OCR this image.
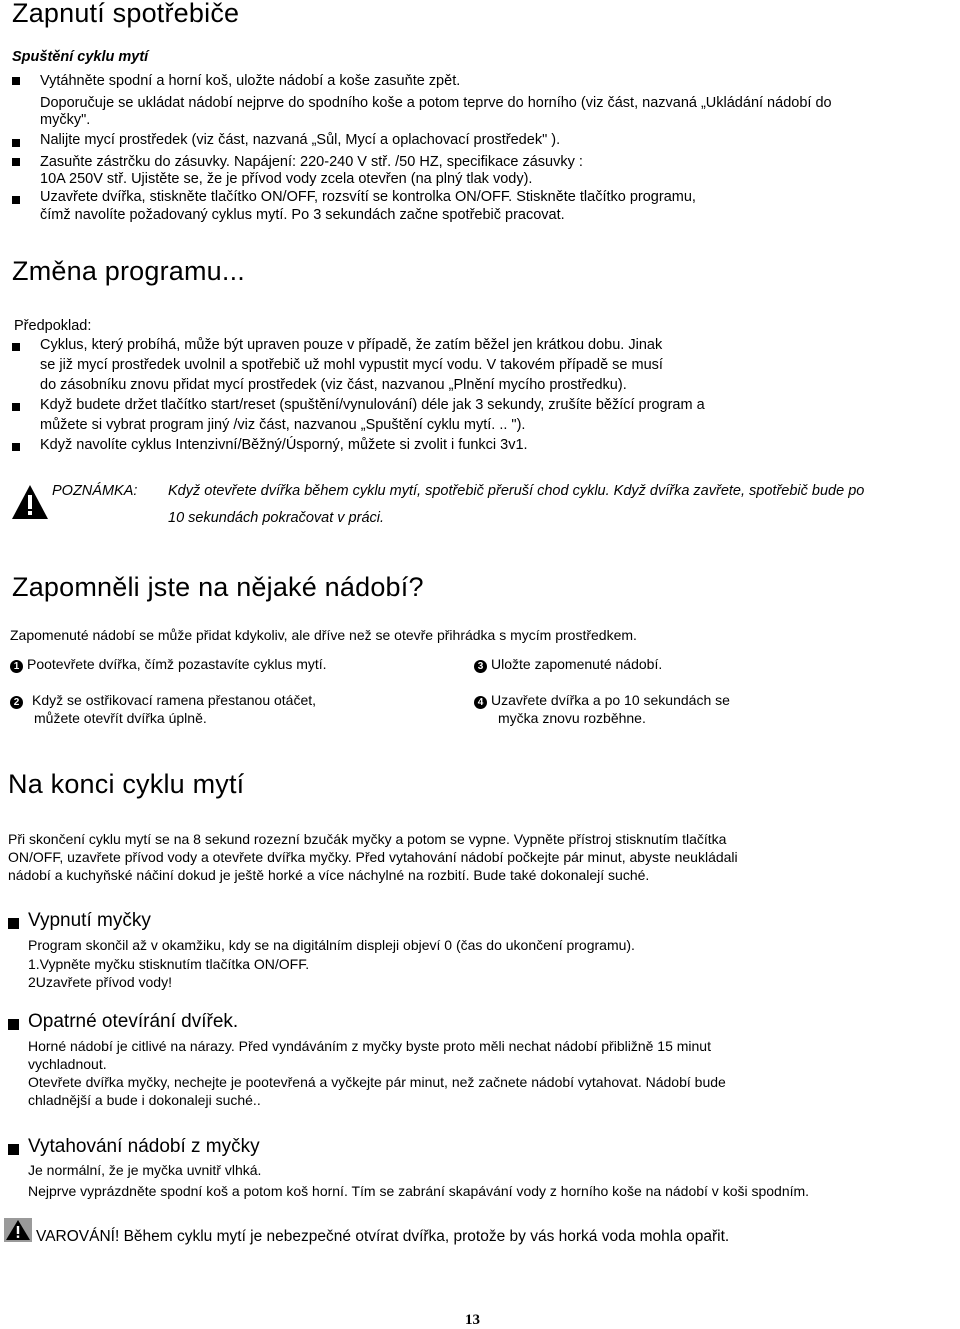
Zapnutí spotřebiče
Spuštění cyklu mytí
Vytáhněte spodní a horní koš, uložte nádobí a koše zasuňte zpět.
Doporučuje se ukládat nádobí nejprve do spodního koše a potom teprve do horního (viz část, nazvaná „Ukládání nádobí do
myčky".
Nalijte mycí prostředek (viz část, nazvaná „Sůl, Mycí a oplachovací prostředek" ).
Zasuňte zástrčku do zásuvky. Napájení: 220-240 V stř. /50 HZ, specifikace zásuvky :
10A 250V stř. Ujistěte se, že je přívod vody zcela otevřen (na plný tlak vody).
Uzavřete dvířka, stiskněte tlačítko ON/OFF, rozsvítí se kontrolka ON/OFF. Stiskněte tlačítko programu,
čímž navolíte požadovaný cyklus mytí. Po 3 sekundách začne spotřebič pracovat.
Změna programu...
Předpoklad:
Cyklus, který probíhá, může být upraven pouze v případě, že zatím běžel jen krátkou dobu. Jinak
se již mycí prostředek uvolnil a spotřebič už mohl vypustit mycí vodu. V takovém případě se musí
do zásobníku znovu přidat mycí prostředek (viz část, nazvanou „Plnění mycího prostředku).
Když budete držet tlačítko start/reset (spuštění/vynulování) déle jak 3 sekundy, zrušíte běžící program a
můžete si vybrat program jiný /viz část, nazvanou „Spuštění cyklu mytí. .. ").
Když navolíte cyklus Intenzivní/Běžný/Úsporný, můžete si zvolit i funkci 3v1.
POZNÁMKA: Když otevřete dvířka během cyklu mytí, spotřebič přeruší chod cyklu. Když dvířka zavřete, spotřebič bude po
10 sekundách pokračovat v práci.
Zapomněli jste na nějaké nádobí?
Zapomenuté nádobí se může přidat kdykoliv, ale dříve než se otevře přihrádka s mycím prostředkem.
1 Pootevřete dvířka, čímž pozastavíte cyklus mytí.	3 Uložte zapomenuté nádobí.
2 Když se ostřikovací ramena přestanou otáčet,
můžete otevřít dvířka úplně.
4 Uzavřete dvířka a po 10 sekundách se
myčka znovu rozběhne.
Na konci cyklu mytí
Při skončení cyklu mytí se na 8 sekund rozezní bzučák myčky a potom se vypne. Vypněte přístroj stisknutím tlačítka
ON/OFF, uzavřete přívod vody a otevřete dvířka myčky. Před vytahování nádobí počkejte pár minut, abyste neukládali
nádobí a kuchyňské náčiní dokud je ještě horké a více náchylné na rozbití. Bude také dokonalejí suché.
Vypnutí myčky
Program skončil až v okamžiku, kdy se na digitálním displeji objeví 0 (čas do ukončení programu).
1.Vypněte myčku stisknutím tlačítka ON/OFF.
2Uzavřete přívod vody!
Opatrné otevírání dvířek.
Horné nádobí je citlivé na nárazy. Před vyndáváním z myčky byste proto měli nechat nádobí přibližně 15 minut
vychladnout.
Otevřete dvířka myčky, nechejte je pootevřená a vyčkejte pár minut, než začnete nádobí vytahovat. Nádobí bude
chladnější a bude i dokonaleji suché..
Vytahování nádobí z myčky
Je normální, že je myčka uvnitř vlhká.
Nejprve vyprázdněte spodní koš a potom koš horní. Tím se zabrání skapávání vody z horního koše na nádobí v koši spodním.
VAROVÁNÍ! Během cyklu mytí je nebezpečné otvírat dvířka, protože by vás horká voda mohla opařit.
13
